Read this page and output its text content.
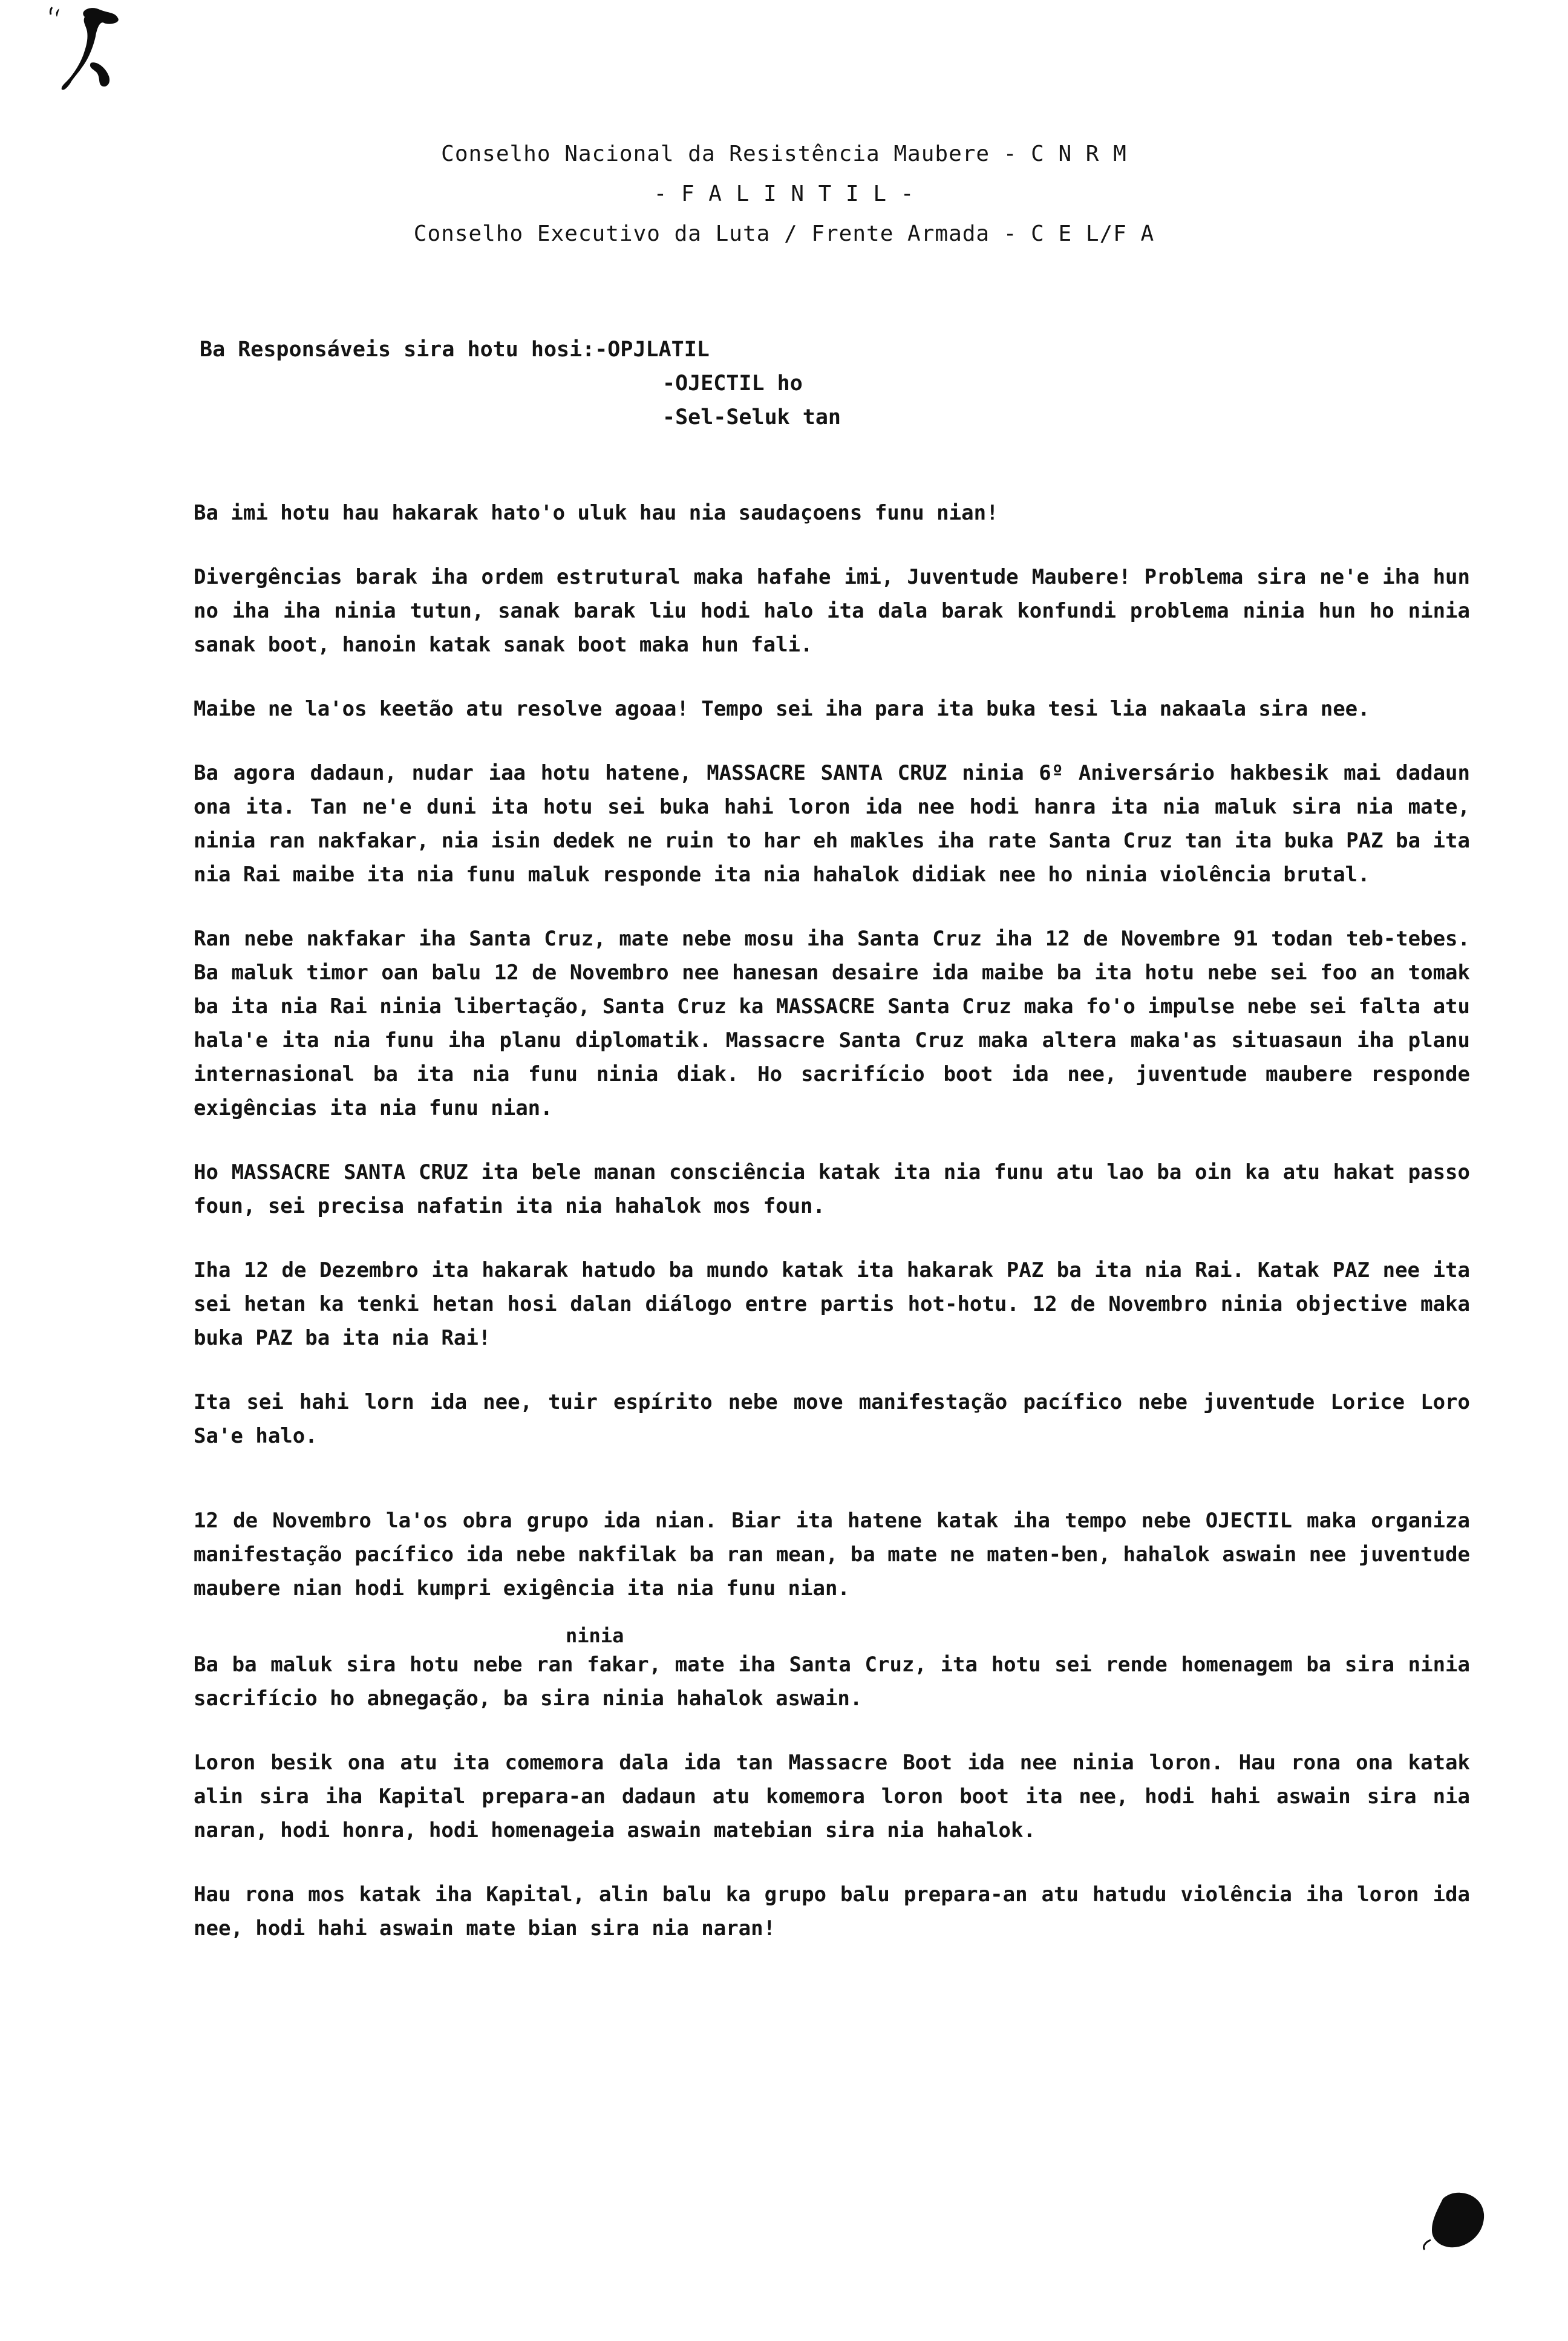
Conselho Nacional da Resistência Maubere - C N R M
- F A L I N T I L -
Conselho Executivo da Luta / Frente Armada - C E L/F A
Ba Responsáveis sira hotu hosi:-OPJLATIL
-OJECTIL ho
-Sel-Seluk tan

Ba imi hotu hau hakarak hato'o uluk hau nia saudaçoens funu nian!

Divergências barak iha ordem estrutural maka hafahe imi, Juventude Maubere! Problema sira ne'e iha hun no iha iha ninia tutun, sanak barak liu hodi halo ita dala barak konfundi problema ninia hun ho ninia sanak boot, hanoin katak sanak boot maka hun fali.

Maibe ne la'os keetão atu resolve agoaa! Tempo sei iha para ita buka tesi lia nakaala sira nee.

Ba agora dadaun, nudar iaa hotu hatene, MASSACRE SANTA CRUZ ninia 6º Aniversário hakbesik mai dadaun ona ita. Tan ne'e duni ita hotu sei buka hahi loron ida nee hodi hanra ita nia maluk sira nia mate, ninia ran nakfakar, nia isin dedek ne ruin to har eh makles iha rate Santa Cruz tan ita buka PAZ ba ita nia Rai maibe ita nia funu maluk responde ita nia hahalok didiak nee ho ninia violência brutal.

Ran nebe nakfakar iha Santa Cruz, mate nebe mosu iha Santa Cruz iha 12 de Novembre 91 todan teb-tebes. Ba maluk timor oan balu 12 de Novembro nee hanesan desaire ida maibe ba ita hotu nebe sei foo an tomak ba ita nia Rai ninia libertação, Santa Cruz ka MASSACRE Santa Cruz maka fo'o impulse nebe sei falta atu hala'e ita nia funu iha planu diplomatik. Massacre Santa Cruz maka altera maka'as situasaun iha planu internasional ba ita nia funu ninia diak. Ho sacrifício boot ida nee, juventude maubere responde exigências ita nia funu nian.

Ho MASSACRE SANTA CRUZ ita bele manan consciência katak ita nia funu atu lao ba oin ka atu hakat passo foun, sei precisa nafatin ita nia hahalok mos foun.

Iha 12 de Dezembro ita hakarak hatudo ba mundo katak ita hakarak PAZ ba ita nia Rai. Katak PAZ nee ita sei hetan ka tenki hetan hosi dalan diálogo entre partis hot-hotu. 12 de Novembro ninia objective maka buka PAZ ba ita nia Rai!

Ita sei hahi lorn ida nee, tuir espírito nebe move manifestação pacífico nebe juventude Lorice Loro Sa'e halo.

12 de Novembro la'os obra grupo ida nian. Biar ita hatene katak iha tempo nebe OJECTIL maka organiza manifestação pacífico ida nebe nakfilak ba ran mean, ba mate ne maten-ben, hahalok aswain nee juventude maubere nian hodi kumpri exigência ita nia funu nian.

ninia

Ba ba maluk sira hotu nebe ran fakar, mate iha Santa Cruz, ita hotu sei rende homenagem ba sira ninia sacrifício ho abnegação, ba sira ninia hahalok aswain.

Loron besik ona atu ita comemora dala ida tan Massacre Boot ida nee ninia loron. Hau rona ona katak alin sira iha Kapital prepara-an dadaun atu komemora loron boot ita nee, hodi hahi aswain sira nia naran, hodi honra, hodi homenageia aswain matebian sira nia hahalok.

Hau rona mos katak iha Kapital, alin balu ka grupo balu prepara-an atu hatudu violência iha loron ida nee, hodi hahi aswain mate bian sira nia naran!
